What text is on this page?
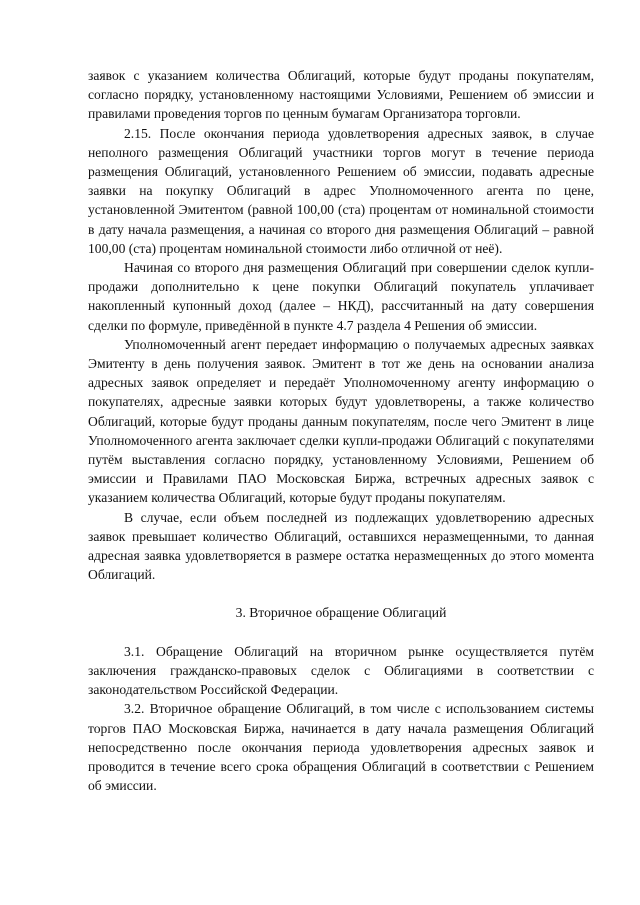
заявок с указанием количества Облигаций, которые будут проданы покупателям, согласно порядку, установленному настоящими Условиями, Решением об эмиссии и правилами проведения торгов по ценным бумагам Организатора торговли.

2.15. После окончания периода удовлетворения адресных заявок, в случае неполного размещения Облигаций участники торгов могут в течение периода размещения Облигаций, установленного Решением об эмиссии, подавать адресные заявки на покупку Облигаций в адрес Уполномоченного агента по цене, установленной Эмитентом (равной 100,00 (ста) процентам от номинальной стоимости в дату начала размещения, а начиная со второго дня размещения Облигаций – равной 100,00 (ста) процентам номинальной стоимости либо отличной от неё).

Начиная со второго дня размещения Облигаций при совершении сделок купли-продажи дополнительно к цене покупки Облигаций покупатель уплачивает накопленный купонный доход (далее – НКД), рассчитанный на дату совершения сделки по формуле, приведённой в пункте 4.7 раздела 4 Решения об эмиссии.

Уполномоченный агент передает информацию о получаемых адресных заявках Эмитенту в день получения заявок. Эмитент в тот же день на основании анализа адресных заявок определяет и передаёт Уполномоченному агенту информацию о покупателях, адресные заявки которых будут удовлетворены, а также количество Облигаций, которые будут проданы данным покупателям, после чего Эмитент в лице Уполномоченного агента заключает сделки купли-продажи Облигаций с покупателями путём выставления согласно порядку, установленному Условиями, Решением об эмиссии и Правилами ПАО Московская Биржа, встречных адресных заявок с указанием количества Облигаций, которые будут проданы покупателям.

В случае, если объем последней из подлежащих удовлетворению адресных заявок превышает количество Облигаций, оставшихся неразмещенными, то данная адресная заявка удовлетворяется в размере остатка неразмещенных до этого момента Облигаций.

3. Вторичное обращение Облигаций

3.1. Обращение Облигаций на вторичном рынке осуществляется путём заключения гражданско-правовых сделок с Облигациями в соответствии с законодательством Российской Федерации.

3.2. Вторичное обращение Облигаций, в том числе с использованием системы торгов ПАО Московская Биржа, начинается в дату начала размещения Облигаций непосредственно после окончания периода удовлетворения адресных заявок и проводится в течение всего срока обращения Облигаций в соответствии с Решением об эмиссии.
